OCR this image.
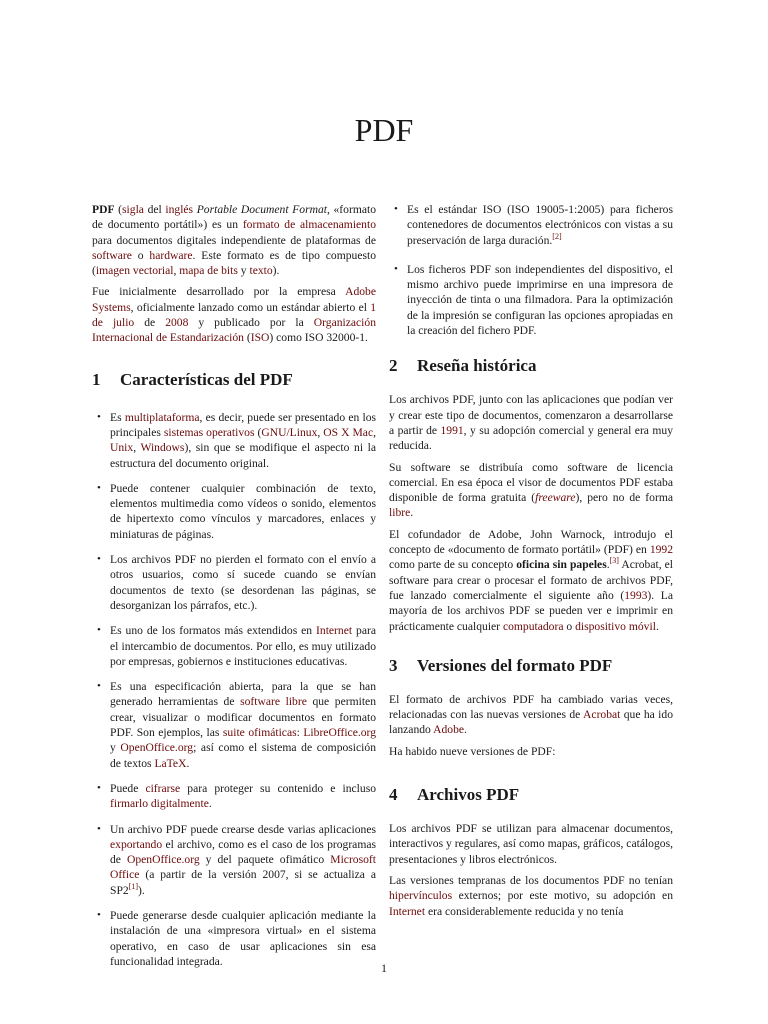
PDF

PDF (sigla del inglés Portable Document Format, «formato de documento portátil») es un formato de almacenamiento para documentos digitales independiente de plataformas de software o hardware. Este formato es de tipo compuesto (imagen vectorial, mapa de bits y texto).

Fue inicialmente desarrollado por la empresa Adobe Systems, oficialmente lanzado como un estándar abierto el 1 de julio de 2008 y publicado por la Organización Internacional de Estandarización (ISO) como ISO 32000-1.

1 Características del PDF
• Es multiplataforma, es decir, puede ser presentado en los principales sistemas operativos (GNU/Linux, OS X Mac, Unix, Windows), sin que se modifique el aspecto ni la estructura del documento original.
• Puede contener cualquier combinación de texto, elementos multimedia como vídeos o sonido, elementos de hipertexto como vínculos y marcadores, enlaces y miniaturas de páginas.
• Los archivos PDF no pierden el formato con el envío a otros usuarios, como sí sucede cuando se envían documentos de texto (se desordenan las páginas, se desorganizan los párrafos, etc.).
• Es uno de los formatos más extendidos en Internet para el intercambio de documentos. Por ello, es muy utilizado por empresas, gobiernos e instituciones educativas.
• Es una especificación abierta, para la que se han generado herramientas de software libre que permiten crear, visualizar o modificar documentos en formato PDF. Son ejemplos, las suite ofimáticas: LibreOffice.org y OpenOffice.org; así como el sistema de composición de textos LaTeX.
• Puede cifrarse para proteger su contenido e incluso firmarlo digitalmente.
• Un archivo PDF puede crearse desde varias aplicaciones exportando el archivo, como es el caso de los programas de OpenOffice.org y del paquete ofimático Microsoft Office (a partir de la versión 2007, si se actualiza a SP2[1]).
• Puede generarse desde cualquier aplicación mediante la instalación de una «impresora virtual» en el sistema operativo, en caso de usar aplicaciones sin esa funcionalidad integrada.
• Es el estándar ISO (ISO 19005-1:2005) para ficheros contenedores de documentos electrónicos con vistas a su preservación de larga duración.[2]
• Los ficheros PDF son independientes del dispositivo, el mismo archivo puede imprimirse en una impresora de inyección de tinta o una filmadora. Para la optimización de la impresión se configuran las opciones apropiadas en la creación del fichero PDF.
2 Reseña histórica

Los archivos PDF, junto con las aplicaciones que podían ver y crear este tipo de documentos, comenzaron a desarrollarse a partir de 1991, y su adopción comercial y general era muy reducida.

Su software se distribuía como software de licencia comercial. En esa época el visor de documentos PDF estaba disponible de forma gratuita (freeware), pero no de forma libre.

El cofundador de Adobe, John Warnock, introdujo el concepto de «documento de formato portátil» (PDF) en 1992 como parte de su concepto oficina sin papeles.[3] Acrobat, el software para crear o procesar el formato de archivos PDF, fue lanzado comercialmente el siguiente año (1993). La mayoría de los archivos PDF se pueden ver e imprimir en prácticamente cualquier computadora o dispositivo móvil.

3 Versiones del formato PDF

El formato de archivos PDF ha cambiado varias veces, relacionadas con las nuevas versiones de Acrobat que ha ido lanzando Adobe.

Ha habido nueve versiones de PDF:

4 Archivos PDF

Los archivos PDF se utilizan para almacenar documentos, interactivos y regulares, así como mapas, gráficos, catálogos, presentaciones y libros electrónicos.

Las versiones tempranas de los documentos PDF no tenían hipervínculos externos; por este motivo, su adopción en Internet era considerablemente reducida y no tenía

1
